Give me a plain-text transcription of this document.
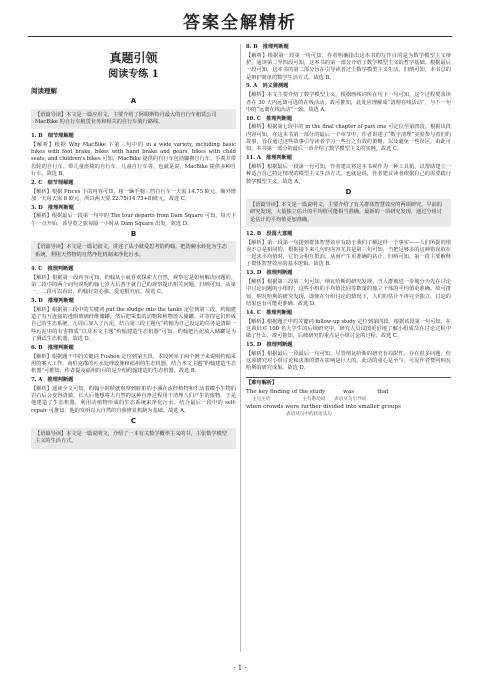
答案全解精析
真题引领
阅读专练 1
阅读理解
A
【语篇导读】本文是一篇应用文，主要介绍了阿姆斯特丹最大的自行车租赁公司 MacBike 的自行车租赁业务和相关的自行车骑行路线。
1. B　细节理解题
【解析】根据 Why MacBike 下第三句中的 in a wide variety, including basic bikes with foot brake, bikes with hand brake and gears, bikes with child seats, and children's bikes 可知，MacBike 提供的自行车包括脚刹自行车、手刹并带齿轮的自行车、带儿童座椅的自行车、儿童自行车等。也就是说，MacBike 提供多种自行车。故选 B。
2. C　细节理解题
【解析】根据 Prices 下的内容可知，租一辆手刹三挡自行车一天需 14.75 欧元，额外增加一天每天需 8 欧元，所以两天要 22.75(14.75+8)欧元。故选 C。
3. D　推理判断题
【解析】根据最后一段第一句中的 The tour departs from Dam Square 可知，每天下午一点开始，该导览之旅每隔一小时从 Dam Square 出发。故选 D。
B
【语篇导读】本文是一篇记叙文，讲述了从小就爱思考的约翰，把洗碗水转化为生态系统，利用天然物的自然净化机制来净化污水。
4. C　推理判断题
【解析】根据第一段内容可知，约翰从小就喜欢探索大自然，观察它是如何解决问题的。第二段中的两个问句说明约翰七岁大后善于就自己的观察提出相关问题。归纳可知，从第一、二段可以看出，约翰好奇心强、爱追根究底。故选 C。
5. D　推理判断题
【解析】根据第三段中的关键词 put the sludge into the tanks 定位到第三段。约翰建造了有互连接的透明玻璃纤维储罐，然后把采集的动物和植物放入储罐，并等待它们形成自己的生态系统，几周后加入了污泥。结合第三段主题句“约翰为自己设定的任务是清除一些污泥中的有害物质”以及本文主题“约翰建造生态机器”可知，约翰把污泥放入储罐是为了测试生态机器。故选 D。
6. B　推理判断题
【解析】根据题干中的关键词 Fusbon 定位到第五段。本段列举了两个例子来说明约翰采用的案大工作，南伯克郡的污水处理设施和福州的生态机器。结合本文主题“约翰建造生态机器”可推知，作者提及福州的目的是介绍约翰建造的生态机器。故选 B。
7. A　推理判断题
【解析】通读全文可知，约翰小时候就观察到脏脏的小溪在流经植物和生活着微小生物的岩石后会变得清澈，长大后他想将大自然的这种自净过程用于清理人们产生的废物，于是他建造了生态机器，利用动植物形成的生态系统来净化污水。结合最后一段中的 self-repair 可推知，他的发明以大自然的自我修复机制为基础。故选 A。
C
【语篇导读】本文是一篇说明文，介绍了一本有关数学概率主义的书，主张数学模型主义的生活方式。
8. B　推理判断题
【解析】根据第一段第一句可知，作者明确指出这本书的写作目的是为数学模型主义辩护。通读第二至四段可知，这本书的第一部分介绍了数学模型主义的哲学基础。根据最后一段可知，这本书的第二部分旨在引导读者过上数学模型主义生活。归纳可知，本书总的是辩护简单的数学生活方式。故选 B。
9. A　词义猜测题
【解析】本文主要介绍了数学模型主义。根据画线词所在句下一句可知，这个过程要求读者在 30 天内远离可选的在线活动。故可推知，此处应理解成“清理在线活动”，与下一句中的“远离在线活动”一致。故选 A。
10. C　推理判断题
【解析】根据第七段中的 in the final chapter of part one 可定位至第四段。根据该段内容可知，在这本书第一部分的最后一个章节中，作者讲述了“数字清理”实验参与者们的故事，旨在通过这些故事引导读者学习一些行之有效的策略，以及避免一些误区。由此可知，本书第一部分的最后一章介绍了数学模型主义的实例。故选 C。
11. A　推理判断题
【解析】根据最后一段第一句可知，作者建议将这本书视作为一种工具箱，以帮助建立一种适合自己特定情况的模型主义生活方式。也就是说，作者建议读者依据自己的需要践行数学模型主义。故选 A。
D
【语篇导读】本文是一篇说明文，主要介绍了有关群体智慧效应的两项研究。早前的研究发现，大量独立估计的平均值可能相当准确。最新的一项研究发现，通过分组讨论估计的平均值更加准确。
12. B　段落大意题
【解析】第一段第一句提到群体智慧效应有助于我们了解这样一个事实——人们所提的错误不总是相同的。根据接下来几句的内容尤其是第三句可知，当把足够多的这种错误放在一起求平均值时，它们会相互抵消，从而产生更准确的估计。归纳可知，第一段主要解释了群体智慧效应的基本逻辑。故选 B。
13. D　推理判断题
【解析】根据第三段第二句可知，纳瓦哈斯的研究发现，当人群被进一步划分为先在讨论中讨论问题的小组时，这些小组的平均值比同等数量的独立个体的平均值更准确。故可推知，纳瓦哈斯的研究发现，即便在分组讨论的情况下，人们的估计不再完全独立，讨论的结果也有可能更准确。故选 D。
14. C　推理判断题
【解析】根据题干中的关键词 follow-up study 定位到第四段。根据该段第一句可知，在这项针对 100 名大学生的后续研究中，研究人员试图更好地了解小组成员在讨论过程中做了什么。故可推知，后续研究的重点是小组讨论的过程。故选 C。
15. D　推理判断题
【解析】根据最后一段最后一句可知，尽管纳瓦哈斯的研究有局限性，存在很多问题，但这项研究对小组讨论和决策的潜在影响是巨大的。此话的重心是至与，可见作者赞同纳瓦哈斯的研究成果。故选 D。
【难句解析】
The key finding of the study	was	that
主句主语	主句系动词 表语从句引导词
when crowds were further divided into smaller groups
表语从句中的状语从句
· 1 ·
